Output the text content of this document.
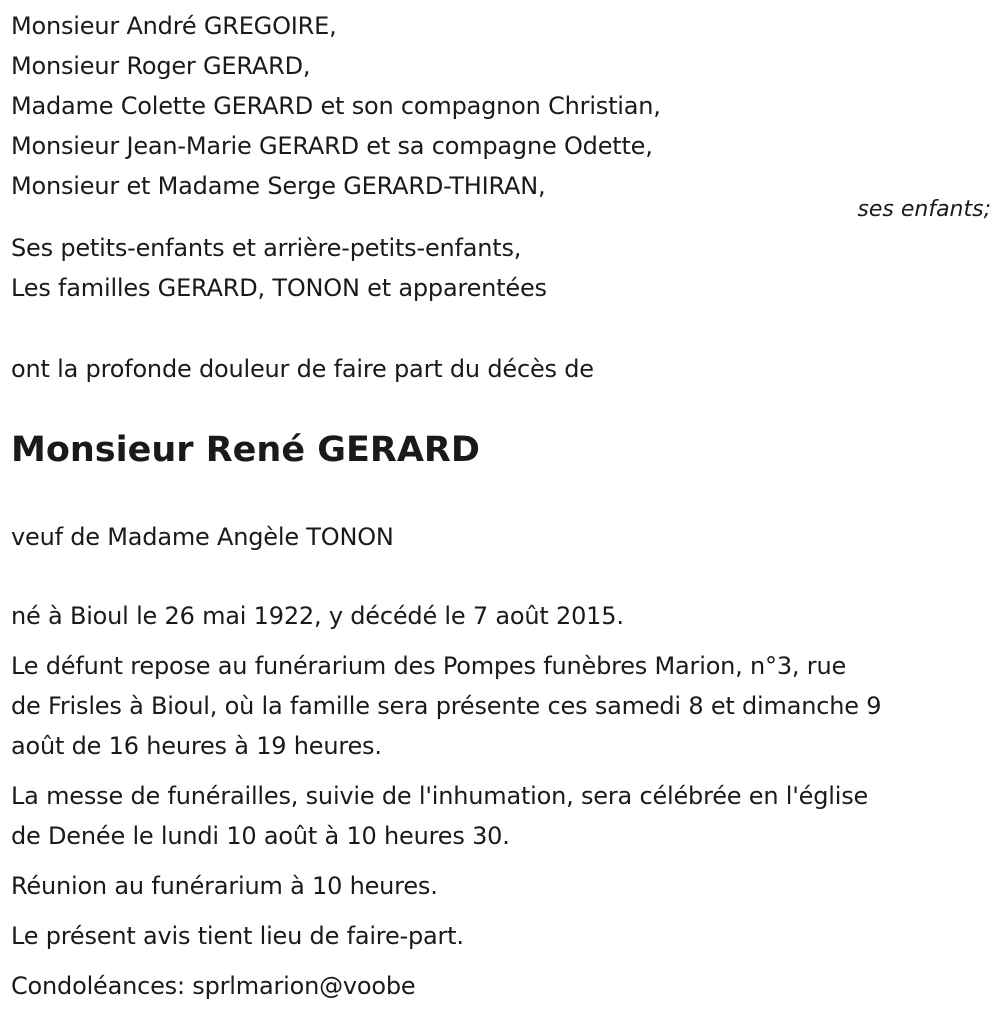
Monsieur André GREGOIRE,
Monsieur Roger GERARD,
Madame Colette GERARD et son compagnon Christian,
Monsieur Jean-Marie GERARD et sa compagne Odette,
Monsieur et Madame Serge GERARD-THIRAN,
ses enfants;
Ses petits-enfants et arrière-petits-enfants,
Les familles GERARD, TONON et apparentées
ont la profonde douleur de faire part du décès de
Monsieur René GERARD
veuf de Madame Angèle TONON
né à Bioul le 26 mai 1922, y décédé le 7 août 2015.
Le défunt repose au funérarium des Pompes funèbres Marion, n°3, rue
de Frisles à Bioul, où la famille sera présente ces samedi 8 et dimanche 9
août de 16 heures à 19 heures.
La messe de funérailles, suivie de l'inhumation, sera célébrée en l'église
de Denée le lundi 10 août à 10 heures 30.
Réunion au funérarium à 10 heures.
Le présent avis tient lieu de faire-part.
Condoléances: sprlmarion@voobe
